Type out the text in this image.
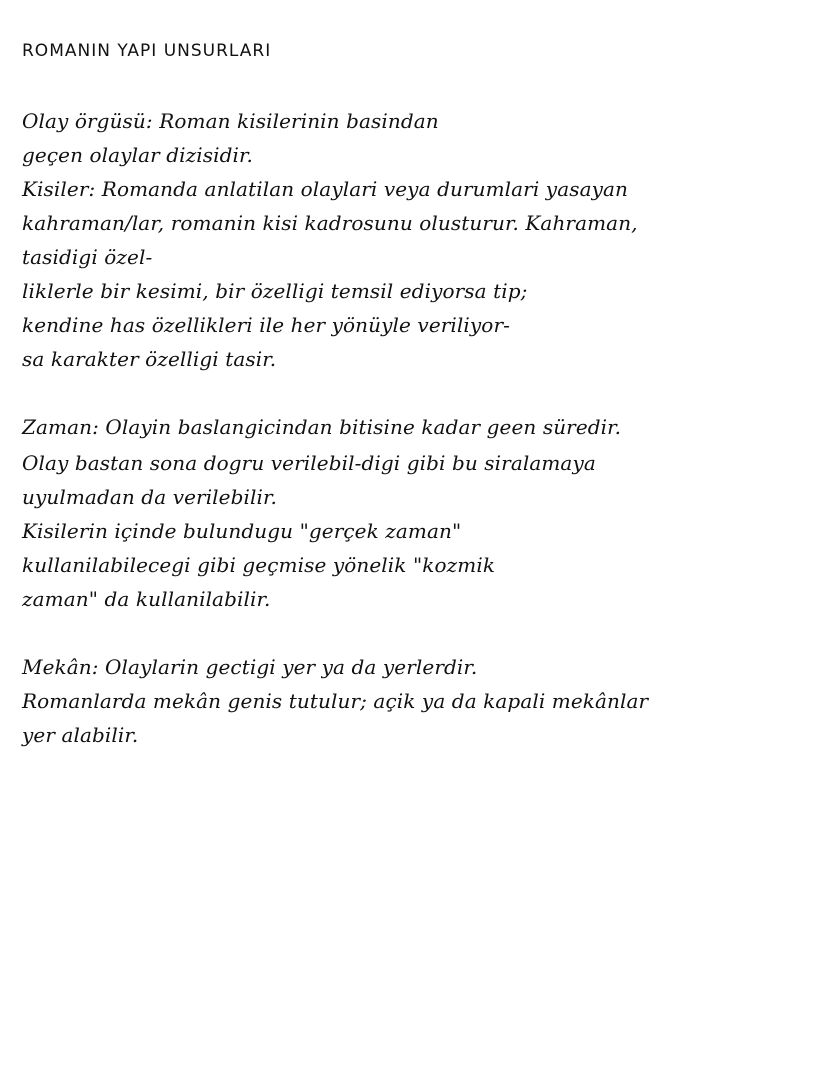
ROMANIN YAPI UNSURLARI

Olay örgüsü: Roman kisilerinin basindan

geçen olaylar dizisidir.

Kisiler: Romanda anlatilan olaylari veya durumlari yasayan

kahraman/lar, romanin kisi kadrosunu olusturur. Kahraman,

tasidigi özel-

liklerle bir kesimi, bir özelligi temsil ediyorsa tip;

kendine has özellikleri ile her yönüyle veriliyor-

sa karakter özelligi tasir.

Zaman: Olayin baslangicindan bitisine kadar geen süredir.

Olay bastan sona dogru verilebil-digi gibi bu siralamaya

uyulmadan da verilebilir.

Kisilerin içinde bulundugu "gerçek zaman"

kullanilabilecegi gibi geçmise yönelik "kozmik

zaman" da kullanilabilir.

Mekân: Olaylarin gectigi yer ya da yerlerdir.

Romanlarda mekân genis tutulur; açik ya da kapali mekânlar

yer alabilir.
